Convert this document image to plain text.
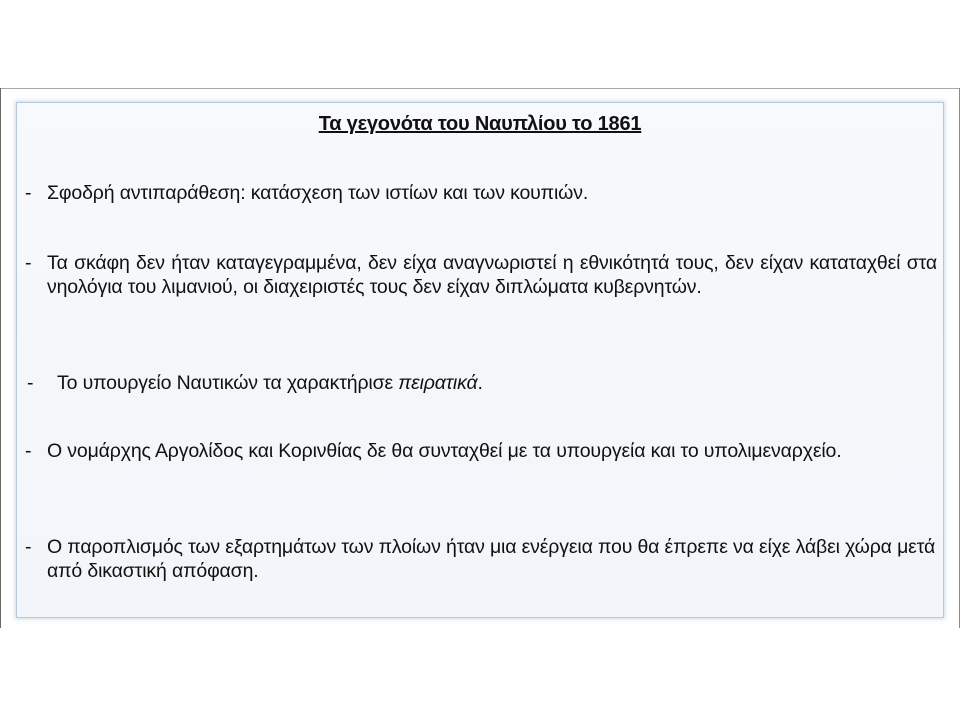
Τα γεγονότα του Ναυπλίου το 1861
- Σφοδρή αντιπαράθεση: κατάσχεση των ιστίων και των κουπιών.
- Τα σκάφη δεν ήταν καταγεγραμμένα, δεν είχα αναγνωριστεί η εθνικότητά τους, δεν είχαν καταταχθεί στα νηολόγια του λιμανιού, οι διαχειριστές τους δεν είχαν διπλώματα κυβερνητών.
- Το υπουργείο Ναυτικών τα χαρακτήρισε πειρατικά.
- Ο νομάρχης Αργολίδος και Κορινθίας δε θα συνταχθεί με τα υπουργεία και το υπολιμεναρχείο.
- Ο παροπλισμός των εξαρτημάτων των πλοίων ήταν μια ενέργεια που θα έπρεπε να είχε λάβει χώρα μετά από δικαστική απόφαση.
